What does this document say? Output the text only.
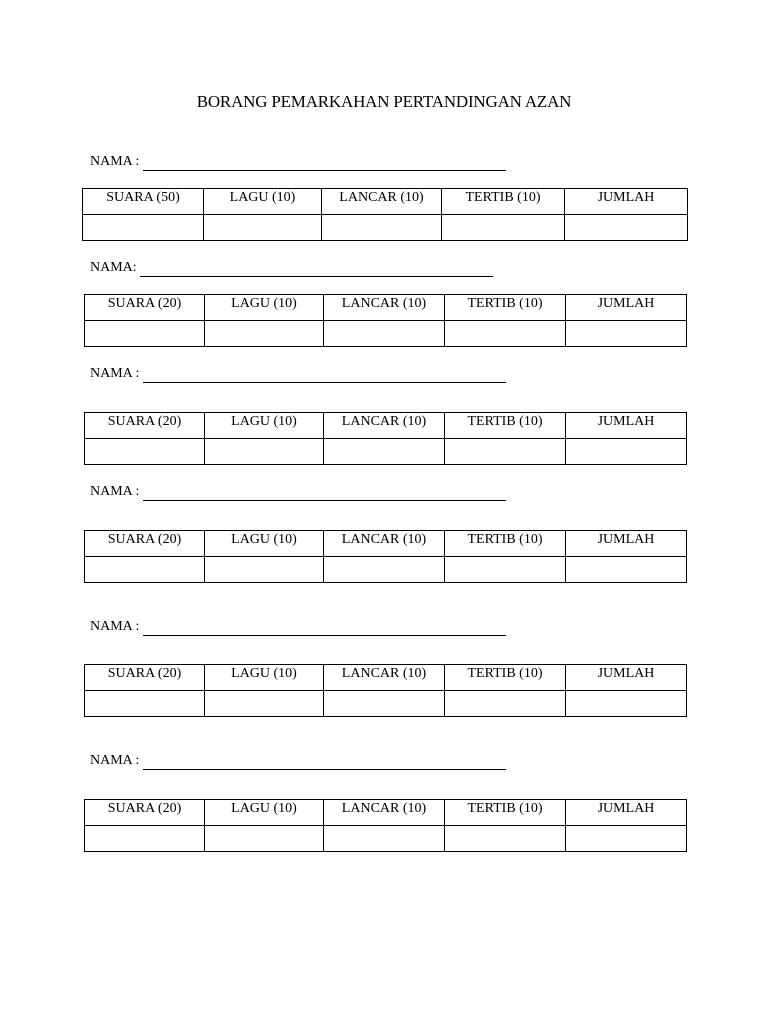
BORANG PEMARKAHAN PERTANDINGAN AZAN
NAMA :
SUARA (50)	LAGU (10)	LANCAR (10)	TERTIB (10)	JUMLAH

NAMA:
SUARA (20)	LAGU (10)	LANCAR (10)	TERTIB (10)	JUMLAH

NAMA :
SUARA (20)	LAGU (10)	LANCAR (10)	TERTIB (10)	JUMLAH

NAMA :
SUARA (20)	LAGU (10)	LANCAR (10)	TERTIB (10)	JUMLAH

NAMA :
SUARA (20)	LAGU (10)	LANCAR (10)	TERTIB (10)	JUMLAH

NAMA :
SUARA (20)	LAGU (10)	LANCAR (10)	TERTIB (10)	JUMLAH
